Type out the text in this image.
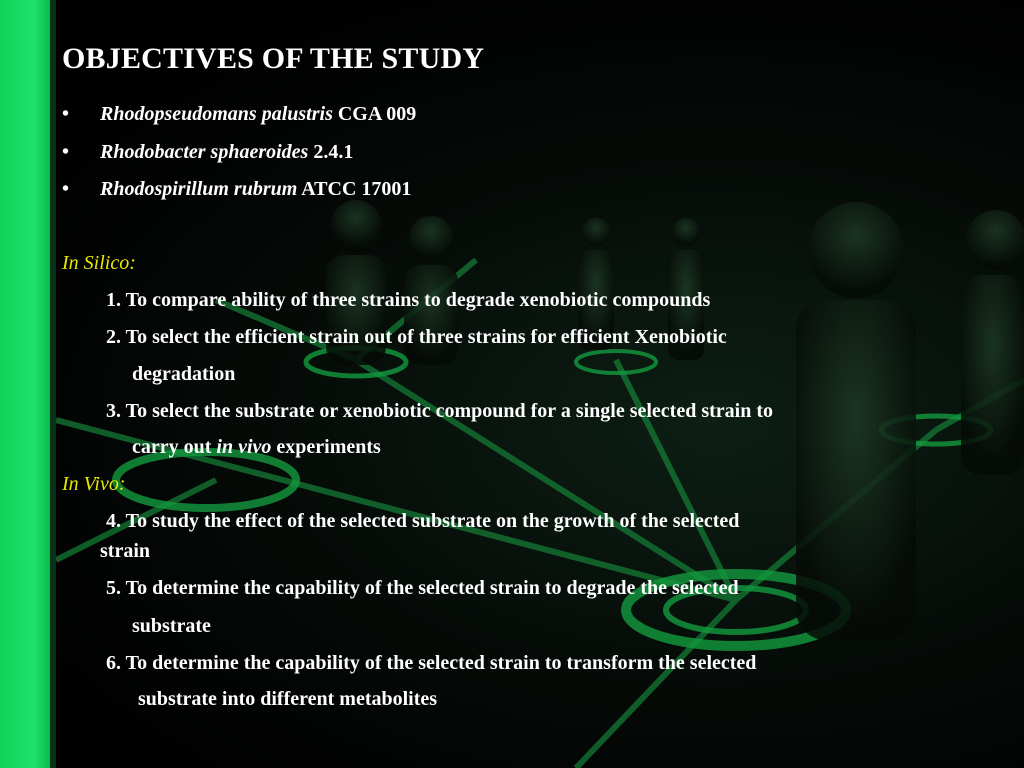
OBJECTIVES OF THE STUDY
• Rhodopseudomans palustris CGA 009
• Rhodobacter sphaeroides 2.4.1
• Rhodospirillum rubrum ATCC 17001
In Silico:
1. To compare ability of three strains to degrade xenobiotic compounds
2. To select the efficient strain out of three strains for efficient Xenobiotic
degradation
3. To select the substrate or xenobiotic compound for a single selected strain to
carry out in vivo experiments
In Vivo:
4. To study the effect of the selected substrate on the growth of the selected
strain
5. To determine the capability of the selected strain to degrade the selected
substrate
6. To determine the capability of the selected strain to transform the selected
substrate into different metabolites
